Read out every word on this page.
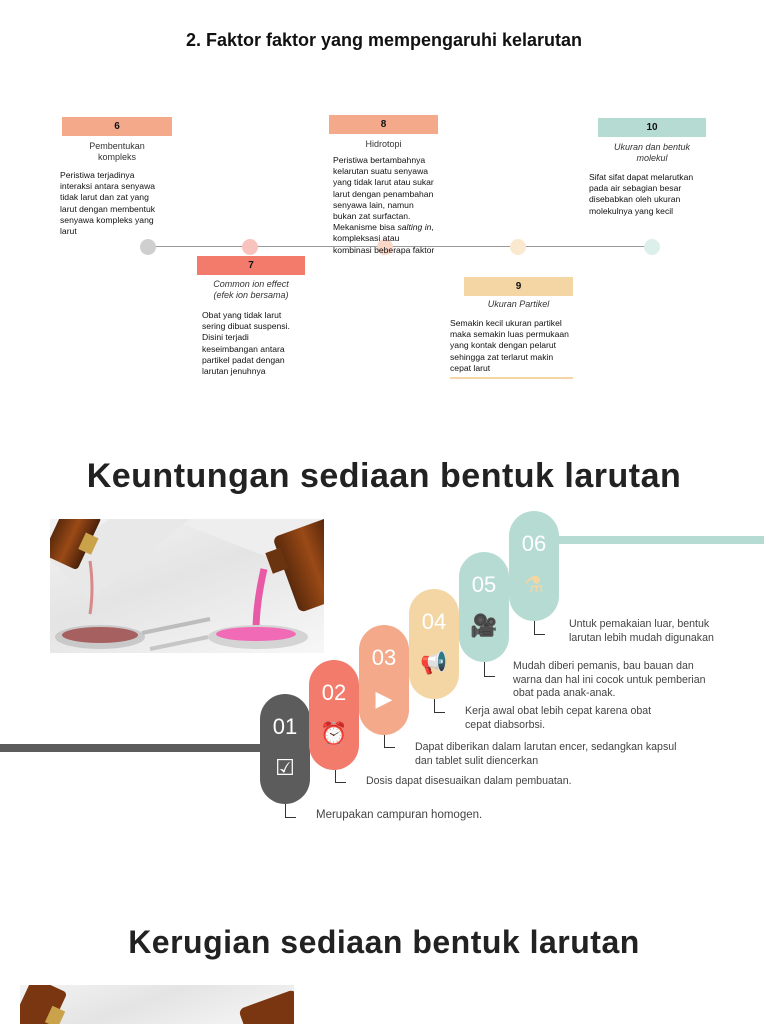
2. Faktor faktor yang mempengaruhi kelarutan
6
Pembentukan
kompleks
Peristiwa terjadinya
interaksi antara senyawa
tidak larut dan zat yang
larut dengan membentuk
senyawa kompleks yang
larut
7
Common ion effect
(efek ion bersama)
Obat yang tidak larut
sering dibuat suspensi.
Disini terjadi
keseimbangan antara
partikel padat dengan
larutan jenuhnya
8
Hidrotopi
Peristiwa bertambahnya
kelarutan suatu senyawa
yang tidak larut atau sukar
larut dengan penambahan
senyawa lain, namun
bukan zat surfactan.
Mekanisme bisa salting in,
kompleksasi atau
kombinasi beberapa faktor
9
Ukuran Partikel
Semakin kecil ukuran partikel
maka semakin luas permukaan
yang kontak dengan pelarut
sehingga zat terlarut makin
cepat larut
10
Ukuran dan bentuk
molekul
Sifat sifat dapat melarutkan
pada air sebagian besar
disebabkan oleh ukuran
molekulnya yang kecil
Keuntungan sediaan bentuk larutan
01
☑
02
⏰
03
▶
04
📢
05
🎥
06
⚗
Merupakan campuran homogen.
Dosis dapat disesuaikan dalam pembuatan.
Dapat diberikan dalam larutan encer, sedangkan kapsul
dan tablet sulit diencerkan
Kerja awal obat lebih cepat karena obat
cepat diabsorbsi.
Mudah diberi pemanis, bau bauan dan
warna dan hal ini cocok untuk pemberian
obat pada anak-anak.
Untuk pemakaian luar, bentuk
larutan lebih mudah digunakan
Kerugian sediaan bentuk larutan
